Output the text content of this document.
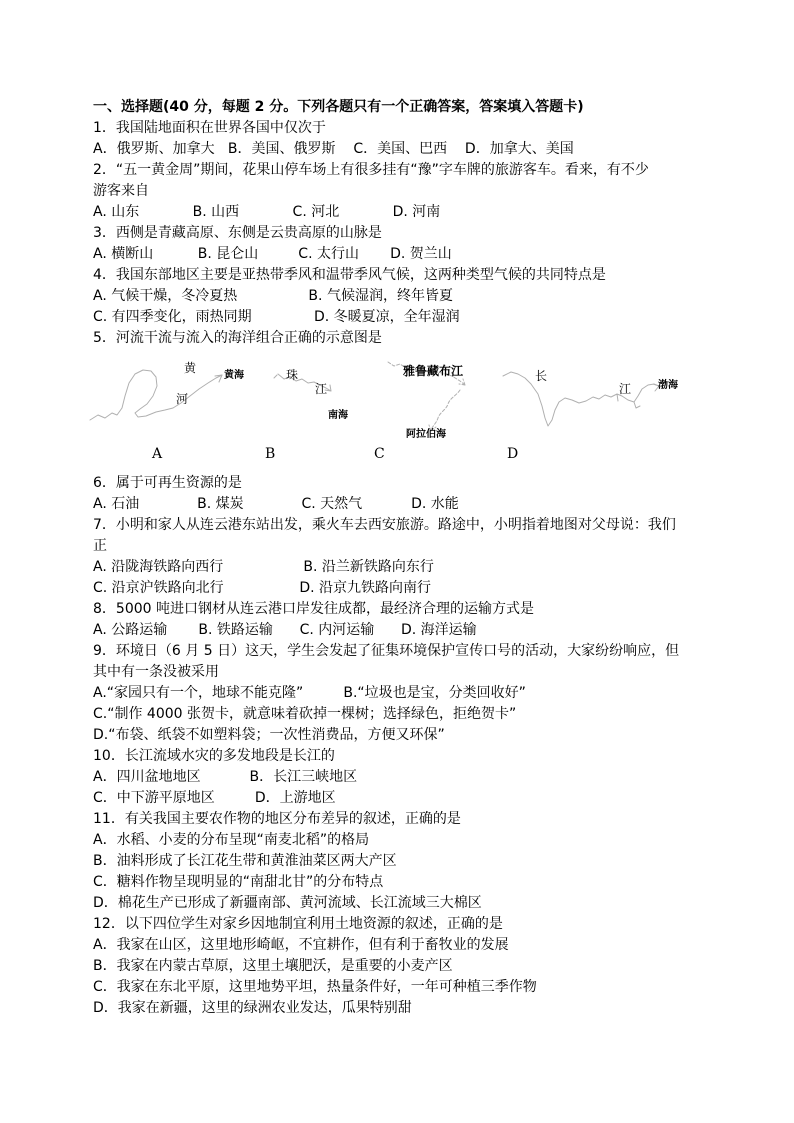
一、选择题(40 分，每题 2 分。下列各题只有一个正确答案，答案填入答题卡)
1．我国陆地面积在世界各国中仅次于
A．俄罗斯、加拿大   B．美国、俄罗斯    C．美国、巴西    D．加拿大、美国
2．“五一黄金周”期间，花果山停车场上有很多挂有“豫”字车牌的旅游客车。看来，有不少
游客来自
A. 山东            B. 山西            C. 河北            D. 河南
3．西侧是青藏高原、东侧是云贵高原的山脉是
A. 横断山          B. 昆仑山         C. 太行山       D. 贺兰山
4．我国东部地区主要是亚热带季风和温带季风气候，这两种类型气候的共同特点是
A. 气候干燥，冬冷夏热                B. 气候湿润，终年皆夏
C. 有四季变化，雨热同期              D. 冬暖夏凉，全年湿润
5．河流干流与流入的海洋组合正确的示意图是
黄
河
黄海	珠
江
南海
雅鲁藏布江
阿拉伯海
长
江	渤海
A	B	C	D
6．属于可再生资源的是
A. 石油             B. 煤炭             C. 天然气           D. 水能
7．小明和家人从连云港东站出发，乘火车去西安旅游。路途中，小明指着地图对父母说：我们
正
A. 沿陇海铁路向西行                  B. 沿兰新铁路向东行
C. 沿京沪铁路向北行                 D. 沿京九铁路向南行
8．5000 吨进口钢材从连云港口岸发往成都，最经济合理的运输方式是
A. 公路运输       B. 铁路运输      C. 内河运输      D. 海洋运输
9．环境日（6 月 5 日）这天，学生会发起了征集环境保护宣传口号的活动，大家纷纷响应，但
其中有一条没被采用
A.“家园只有一个，地球不能克隆”         B.“垃圾也是宝，分类回收好”
C.“制作 4000 张贺卡，就意味着砍掉一棵树；选择绿色，拒绝贺卡”
D.“布袋、纸袋不如塑料袋；一次性消费品，方便又环保”
10．长江流域水灾的多发地段是长江的
A．四川盆地地区           B．长江三峡地区
C．中下游平原地区         D．上游地区
11．有关我国主要农作物的地区分布差异的叙述，正确的是
A．水稻、小麦的分布呈现“南麦北稻”的格局
B．油料形成了长江花生带和黄淮油菜区两大产区
C．糖料作物呈现明显的“南甜北甘”的分布特点
D．棉花生产已形成了新疆南部、黄河流域、长江流域三大棉区
12．以下四位学生对家乡因地制宜利用土地资源的叙述，正确的是
A．我家在山区，这里地形崎岖，不宜耕作，但有利于畜牧业的发展
B．我家在内蒙古草原，这里土壤肥沃，是重要的小麦产区
C．我家在东北平原，这里地势平坦，热量条件好，一年可种植三季作物
D．我家在新疆，这里的绿洲农业发达，瓜果特别甜
